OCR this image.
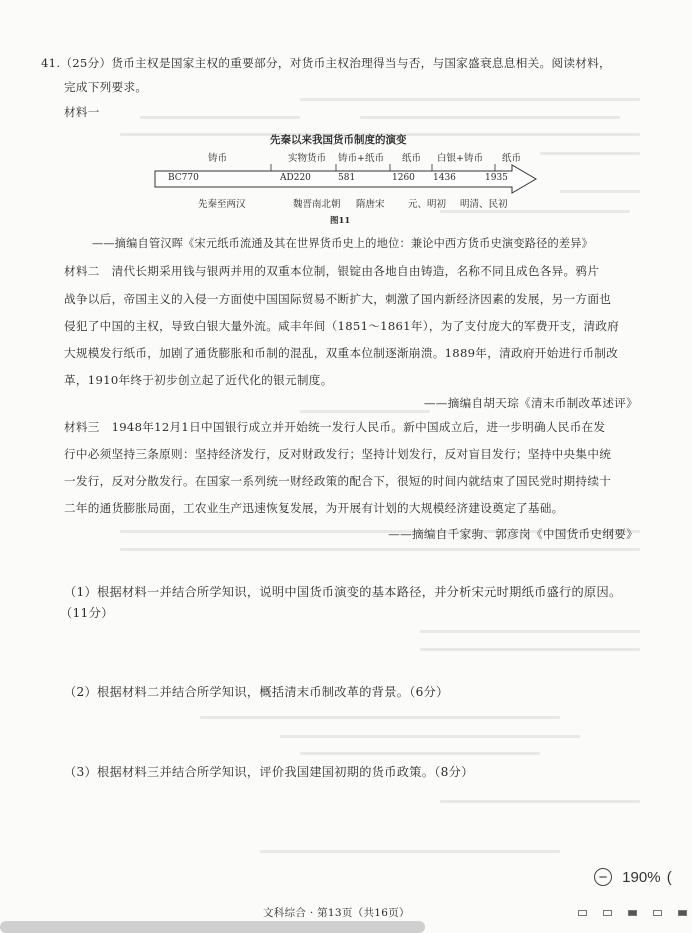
41.（25分）货币主权是国家主权的重要部分，对货币主权治理得当与否，与国家盛衰息息相关。阅读材料，
完成下列要求。
材料一
先秦以来我国货币制度的演变
铸币	实物货币 铸币+纸币 纸币 白银+铸币 纸币
BC770	AD220	581	1260 1436	1935
先秦至两汉	魏晋南北朝 隋唐宋 元、明初 明清、民初
图11
——摘编自管汉晖《宋元纸币流通及其在世界货币史上的地位：兼论中西方货币史演变路径的差异》
材料二　清代长期采用钱与银两并用的双重本位制，银锭由各地自由铸造，名称不同且成色各异。鸦片
战争以后，帝国主义的入侵一方面使中国国际贸易不断扩大，刺激了国内新经济因素的发展，另一方面也
侵犯了中国的主权，导致白银大量外流。咸丰年间（1851～1861年），为了支付庞大的军费开支，清政府
大规模发行纸币，加剧了通货膨胀和币制的混乱，双重本位制逐渐崩溃。1889年，清政府开始进行币制改
革，1910年终于初步创立起了近代化的银元制度。
——摘编自胡天琮《清末币制改革述评》
材料三　1948年12月1日中国银行成立并开始统一发行人民币。新中国成立后，进一步明确人民币在发
行中必须坚持三条原则：坚持经济发行，反对财政发行；坚持计划发行，反对盲目发行；坚持中央集中统
一发行，反对分散发行。在国家一系列统一财经政策的配合下，很短的时间内就结束了国民党时期持续十
二年的通货膨胀局面，工农业生产迅速恢复发展，为开展有计划的大规模经济建设奠定了基础。
——摘编自千家驹、郭彦岗《中国货币史纲要》
（1）根据材料一并结合所学知识，说明中国货币演变的基本路径，并分析宋元时期纸币盛行的原因。
（11分）
（2）根据材料二并结合所学知识，概括清末币制改革的背景。（6分）
（3）根据材料三并结合所学知识，评价我国建国初期的货币政策。（8分）
文科综合 · 第13页（共16页）
− 190% (
